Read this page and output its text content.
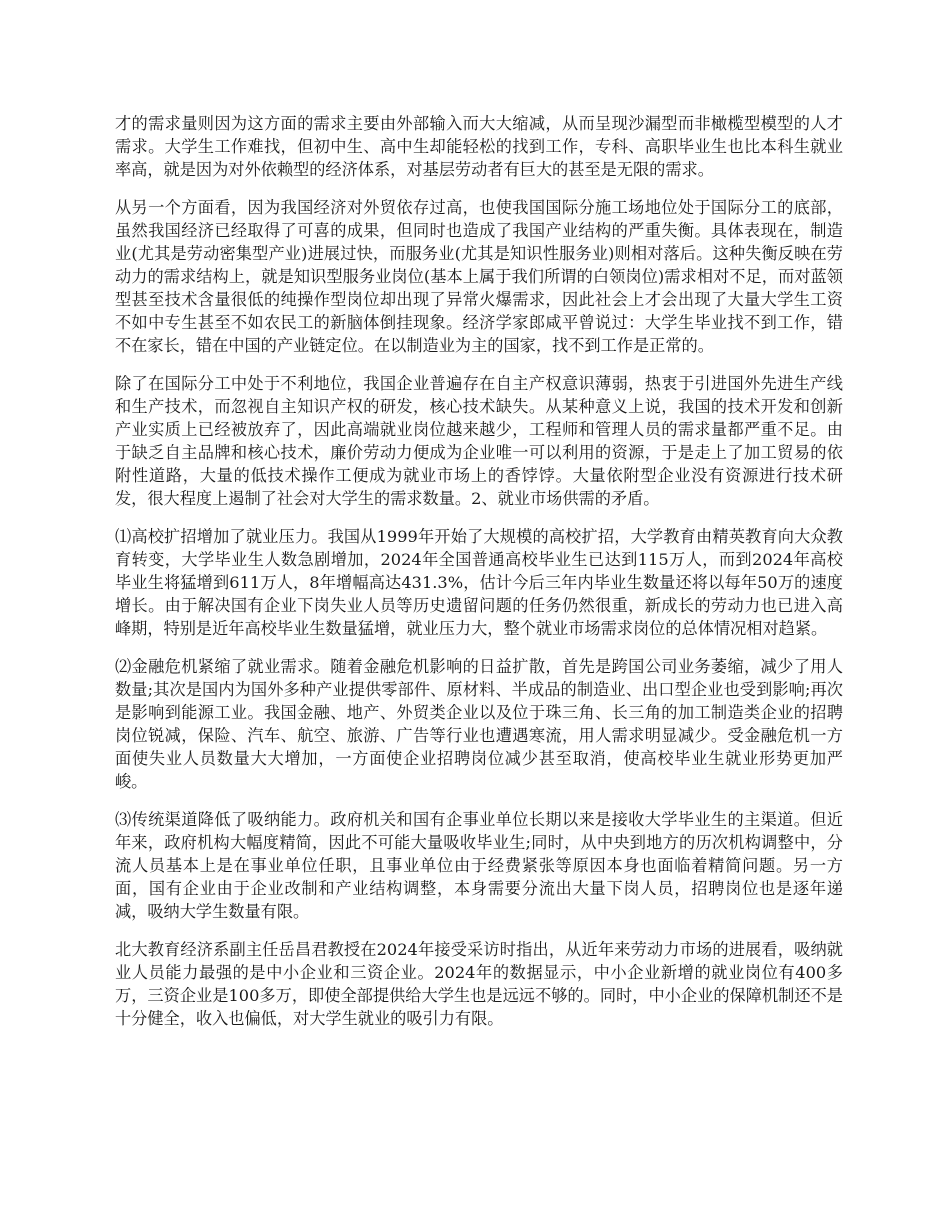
才的需求量则因为这方面的需求主要由外部输入而大大缩减，从而呈现沙漏型而非橄榄型模型的人才需求。大学生工作难找，但初中生、高中生却能轻松的找到工作，专科、高职毕业生也比本科生就业率高，就是因为对外依赖型的经济体系，对基层劳动者有巨大的甚至是无限的需求。

从另一个方面看，因为我国经济对外贸依存过高，也使我国国际分施工场地位处于国际分工的底部，虽然我国经济已经取得了可喜的成果，但同时也造成了我国产业结构的严重失衡。具体表现在，制造业(尤其是劳动密集型产业)进展过快，而服务业(尤其是知识性服务业)则相对落后。这种失衡反映在劳动力的需求结构上，就是知识型服务业岗位(基本上属于我们所谓的白领岗位)需求相对不足，而对蓝领型甚至技术含量很低的纯操作型岗位却出现了异常火爆需求，因此社会上才会出现了大量大学生工资不如中专生甚至不如农民工的新脑体倒挂现象。经济学家郎咸平曾说过：大学生毕业找不到工作，错不在家长，错在中国的产业链定位。在以制造业为主的国家，找不到工作是正常的。

除了在国际分工中处于不利地位，我国企业普遍存在自主产权意识薄弱，热衷于引进国外先进生产线和生产技术，而忽视自主知识产权的研发，核心技术缺失。从某种意义上说，我国的技术开发和创新产业实质上已经被放弃了，因此高端就业岗位越来越少，工程师和管理人员的需求量都严重不足。由于缺乏自主品牌和核心技术，廉价劳动力便成为企业唯一可以利用的资源，于是走上了加工贸易的依附性道路，大量的低技术操作工便成为就业市场上的香饽饽。大量依附型企业没有资源进行技术研发，很大程度上遏制了社会对大学生的需求数量。2、就业市场供需的矛盾。

⑴高校扩招增加了就业压力。我国从1999年开始了大规模的高校扩招，大学教育由精英教育向大众教育转变，大学毕业生人数急剧增加，2024年全国普通高校毕业生已达到115万人，而到2024年高校毕业生将猛增到611万人，8年增幅高达431.3%，估计今后三年内毕业生数量还将以每年50万的速度增长。由于解决国有企业下岗失业人员等历史遗留问题的任务仍然很重，新成长的劳动力也已进入高峰期，特别是近年高校毕业生数量猛增，就业压力大，整个就业市场需求岗位的总体情况相对趋紧。

⑵金融危机紧缩了就业需求。随着金融危机影响的日益扩散，首先是跨国公司业务萎缩，减少了用人数量;其次是国内为国外多种产业提供零部件、原材料、半成品的制造业、出口型企业也受到影响;再次是影响到能源工业。我国金融、地产、外贸类企业以及位于珠三角、长三角的加工制造类企业的招聘岗位锐减，保险、汽车、航空、旅游、广告等行业也遭遇寒流，用人需求明显减少。受金融危机一方面使失业人员数量大大增加，一方面使企业招聘岗位减少甚至取消，使高校毕业生就业形势更加严峻。

⑶传统渠道降低了吸纳能力。政府机关和国有企事业单位长期以来是接收大学毕业生的主渠道。但近年来，政府机构大幅度精简，因此不可能大量吸收毕业生;同时，从中央到地方的历次机构调整中，分流人员基本上是在事业单位任职，且事业单位由于经费紧张等原因本身也面临着精简问题。另一方面，国有企业由于企业改制和产业结构调整，本身需要分流出大量下岗人员，招聘岗位也是逐年递减，吸纳大学生数量有限。

北大教育经济系副主任岳昌君教授在2024年接受采访时指出，从近年来劳动力市场的进展看，吸纳就业人员能力最强的是中小企业和三资企业。2024年的数据显示，中小企业新增的就业岗位有400多万，三资企业是100多万，即使全部提供给大学生也是远远不够的。同时，中小企业的保障机制还不是十分健全，收入也偏低，对大学生就业的吸引力有限。
